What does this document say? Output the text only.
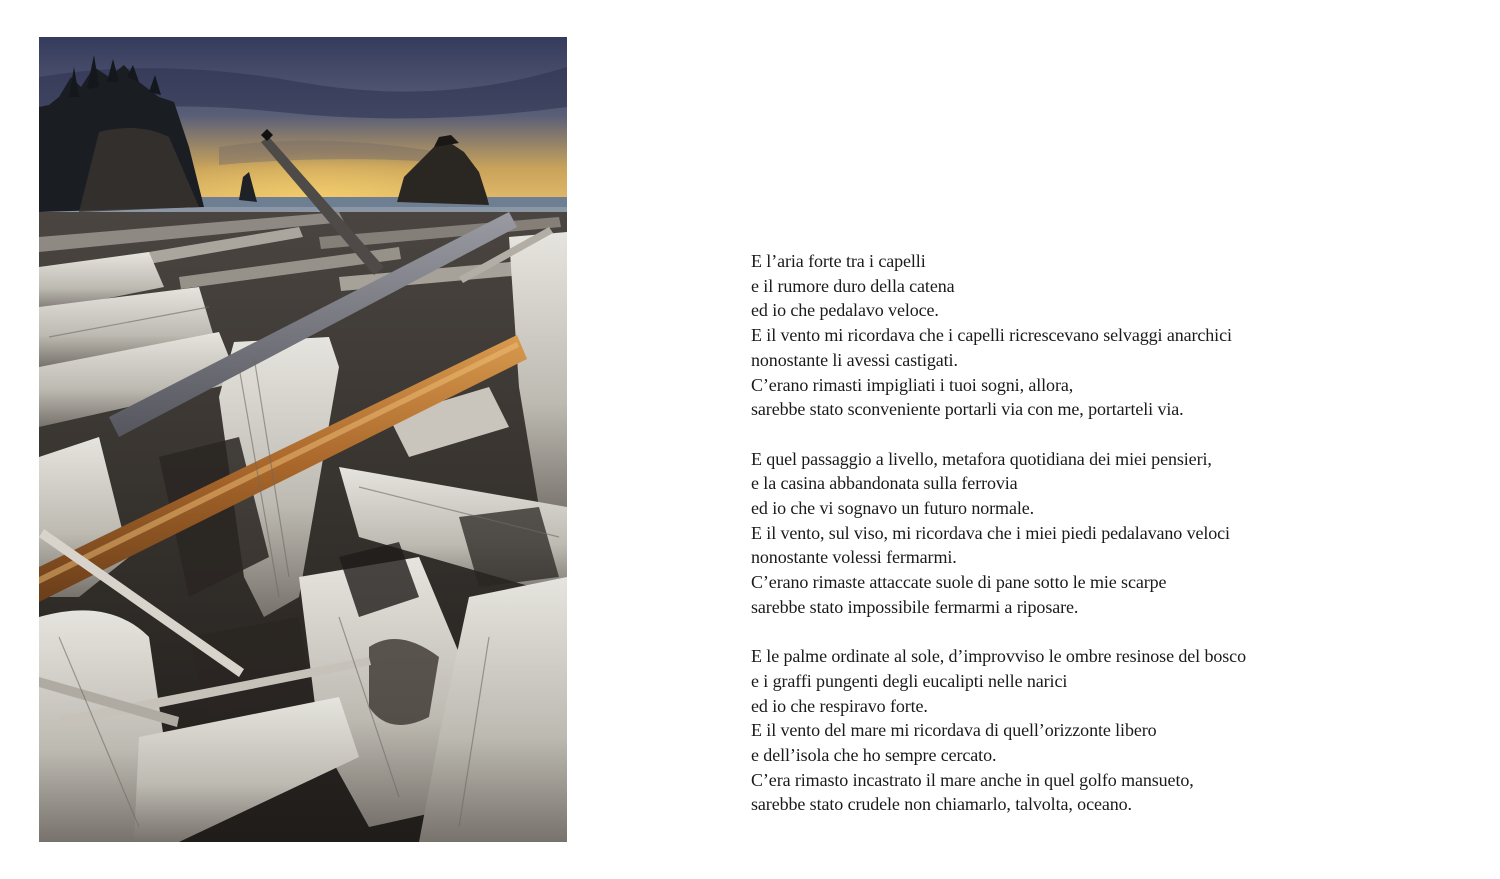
E l’aria forte tra i capelli
e il rumore duro della catena
ed io che pedalavo veloce.
E il vento mi ricordava che i capelli ricrescevano selvaggi anarchici
nonostante li avessi castigati.
C’erano rimasti impigliati i tuoi sogni, allora,
sarebbe stato sconveniente portarli via con me, portarteli via.
E quel passaggio a livello, metafora quotidiana dei miei pensieri,
e la casina abbandonata sulla ferrovia
ed io che vi sognavo un futuro normale.
E il vento, sul viso, mi ricordava che i miei piedi pedalavano veloci
nonostante volessi fermarmi.
C’erano rimaste attaccate suole di pane sotto le mie scarpe
sarebbe stato impossibile fermarmi a riposare.
E le palme ordinate al sole, d’improvviso le ombre resinose del bosco
e i graffi pungenti degli eucalipti nelle narici
ed io che respiravo forte.
E il vento del mare mi ricordava di quell’orizzonte libero
e dell’isola che ho sempre cercato.
C’era rimasto incastrato il mare anche in quel golfo mansueto,
sarebbe stato crudele non chiamarlo, talvolta, oceano.
